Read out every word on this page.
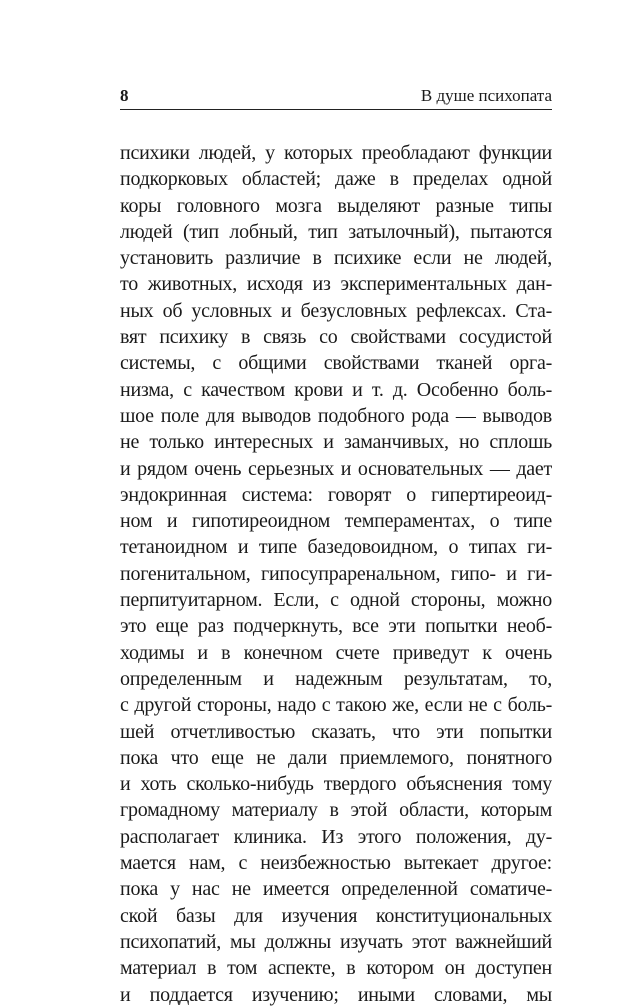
8	В душе психопата
психики людей, у которых преобладают функции
подкорковых областей; даже в пределах одной
коры головного мозга выделяют разные типы
людей (тип лобный, тип затылочный), пытаются
установить различие в психике если не людей,
то животных, исходя из экспериментальных дан-
ных об условных и безусловных рефлексах. Ста-
вят психику в связь со свойствами сосудистой
системы, с общими свойствами тканей орга-
низма, с качеством крови и т. д. Особенно боль-
шое поле для выводов подобного рода — выводов
не только интересных и заманчивых, но сплошь
и рядом очень серьезных и основательных — дает
эндокринная система: говорят о гипертиреоид-
ном и гипотиреоидном темпераментах, о типе
тетаноидном и типе базедовоидном, о типах ги-
погенитальном, гипосупраренальном, гипо- и ги-
перпитуитарном. Если, с одной стороны, можно
это еще раз подчеркнуть, все эти попытки необ-
ходимы и в конечном счете приведут к очень
определенным и надежным результатам, то,
с другой стороны, надо с такою же, если не с боль-
шей отчетливостью сказать, что эти попытки
пока что еще не дали приемлемого, понятного
и хоть сколько-нибудь твердого объяснения тому
громадному материалу в этой области, которым
располагает клиника. Из этого положения, ду-
мается нам, с неизбежностью вытекает другое:
пока у нас не имеется определенной соматиче-
ской базы для изучения конституциональных
психопатий, мы должны изучать этот важнейший
материал в том аспекте, в котором он доступен
и поддается изучению; иными словами, мы
